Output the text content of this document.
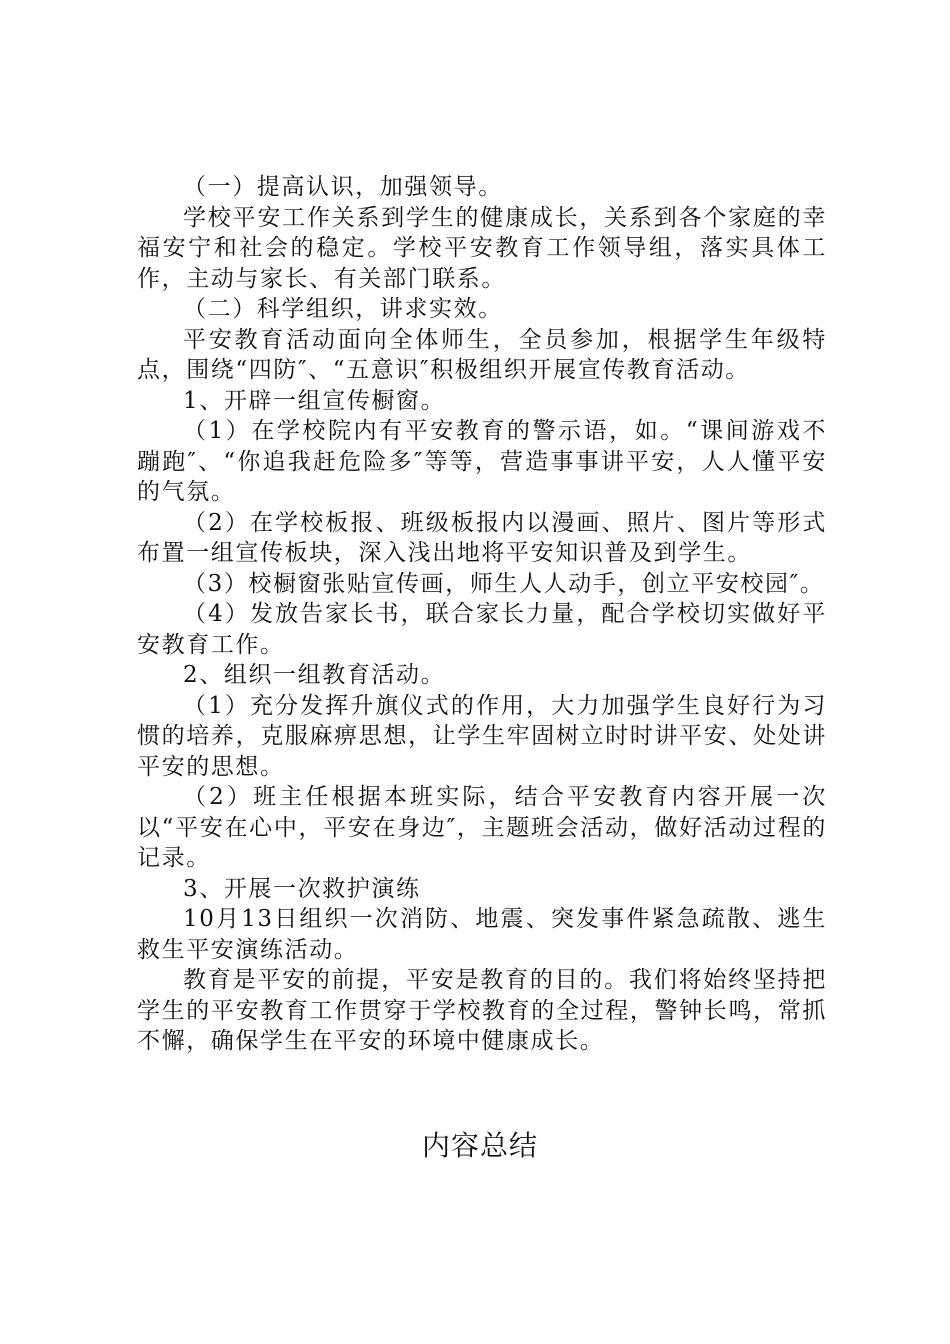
（一）提高认识，加强领导。

学校平安工作关系到学生的健康成长，关系到各个家庭的幸福安宁和社会的稳定。学校平安教育工作领导组，落实具体工作，主动与家长、有关部门联系。

（二）科学组织，讲求实效。

平安教育活动面向全体师生，全员参加，根据学生年级特点，围绕“四防″、“五意识″积极组织开展宣传教育活动。

1、开辟一组宣传橱窗。

（1）在学校院内有平安教育的警示语，如。“课间游戏不蹦跑″、“你追我赶危险多″等等，营造事事讲平安，人人懂平安的气氛。

（2）在学校板报、班级板报内以漫画、照片、图片等形式布置一组宣传板块，深入浅出地将平安知识普及到学生。

（3）校橱窗张贴宣传画，师生人人动手，创立平安校园″。

（4）发放告家长书，联合家长力量，配合学校切实做好平安教育工作。

2、组织一组教育活动。

（1）充分发挥升旗仪式的作用，大力加强学生良好行为习惯的培养，克服麻痹思想，让学生牢固树立时时讲平安、处处讲平安的思想。

（2）班主任根据本班实际，结合平安教育内容开展一次以“平安在心中，平安在身边″，主题班会活动，做好活动过程的记录。

3、开展一次救护演练

10月13日组织一次消防、地震、突发事件紧急疏散、逃生救生平安演练活动。

教育是平安的前提，平安是教育的目的。我们将始终坚持把学生的平安教育工作贯穿于学校教育的全过程，警钟长鸣，常抓不懈，确保学生在平安的环境中健康成长。

内容总结
